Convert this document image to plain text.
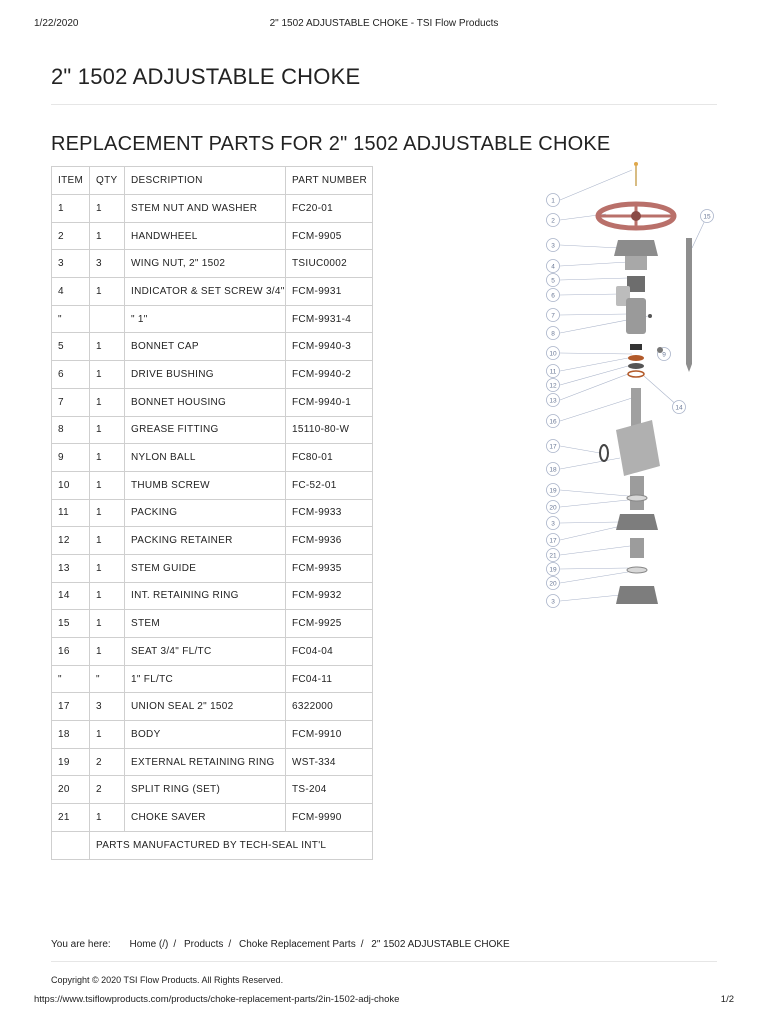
1/22/2020	2" 1502 ADJUSTABLE CHOKE - TSI Flow Products
2" 1502 ADJUSTABLE CHOKE
REPLACEMENT PARTS FOR 2" 1502 ADJUSTABLE CHOKE
ITEM	QTY	DESCRIPTION	PART NUMBER
1	1	STEM NUT AND WASHER	FC20-01
2	1	HANDWHEEL	FCM-9905
3	3	WING NUT, 2" 1502	TSIUC0002
4	1	INDICATOR & SET SCREW 3/4"	FCM-9931
"		" 1"	FCM-9931-4
5	1	BONNET CAP	FCM-9940-3
6	1	DRIVE BUSHING	FCM-9940-2
7	1	BONNET HOUSING	FCM-9940-1
8	1	GREASE FITTING	15110-80-W
9	1	NYLON BALL	FC80-01
10	1	THUMB SCREW	FC-52-01
11	1	PACKING	FCM-9933
12	1	PACKING RETAINER	FCM-9936
13	1	STEM GUIDE	FCM-9935
14	1	INT. RETAINING RING	FCM-9932
15	1	STEM	FCM-9925
16	1	SEAT 3/4" FL/TC	FC04-04
"	"	1" FL/TC	FC04-11
17	3	UNION SEAL 2" 1502	6322000
18	1	BODY	FCM-9910
19	2	EXTERNAL RETAINING RING	WST-334
20	2	SPLIT RING (SET)	TS-204
21	1	CHOKE SAVER	FCM-9990
	PARTS MANUFACTURED BY TECH-SEAL INT'L		
1
2
3
4
5
6
7
8
10
11
12
13
16
17
18
19
20
3
17
21
19
20
3
15
9
14
You are here: Home (/) / Products / Choke Replacement Parts / 2" 1502 ADJUSTABLE CHOKE
Copyright © 2020 TSI Flow Products. All Rights Reserved.
https://www.tsiflowproducts.com/products/choke-replacement-parts/2in-1502-adj-choke	1/2
